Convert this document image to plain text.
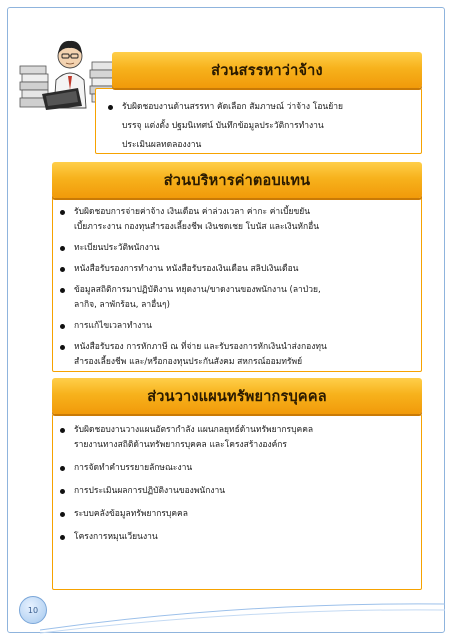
ส่วนสรรหาว่าจ้าง
รับผิดชอบงานด้านสรรหา คัดเลือก สัมภาษณ์ ว่าจ้าง โอนย้าย
บรรจุ แต่งตั้ง ปฐมนิเทศน์ บันทึกข้อมูลประวัติการทำงาน
ประเมินผลทดลองงาน
ส่วนบริหารค่าตอบแทน
รับผิดชอบการจ่ายค่าจ้าง เงินเดือน ค่าล่วงเวลา ค่ากะ ค่าเบี้ยขยัน
เบี้ยภาระงาน กองทุนสำรองเลี้ยงชีพ เงินชดเชย โบนัส และเงินหักอื่น
ทะเบียนประวัติพนักงาน
หนังสือรับรองการทำงาน หนังสือรับรองเงินเดือน สลิปเงินเดือน
ข้อมูลสถิติการมาปฏิบัติงาน หยุดงาน/ขาดงานของพนักงาน (ลาป่วย,
ลากิจ, ลาพักร้อน, ลาอื่นๆ)
การแก้ไขเวลาทำงาน
หนังสือรับรอง การหักภาษี ณ ที่จ่าย และรับรองการหักเงินนำส่งกองทุน
สำรองเลี้ยงชีพ และ/หรือกองทุนประกันสังคม สหกรณ์ออมทรัพย์
ส่วนวางแผนทรัพยากรบุคคล
รับผิดชอบงานวางแผนอัตรากำลัง แผนกลยุทธ์ด้านทรัพยากรบุคคล
รายงานทางสถิติด้านทรัพยากรบุคคล และโครงสร้างองค์กร
การจัดทำคำบรรยายลักษณะงาน
การประเมินผลการปฏิบัติงานของพนักงาน
ระบบคลังข้อมูลทรัพยากรบุคคล
โครงการหมุนเวียนงาน
10
